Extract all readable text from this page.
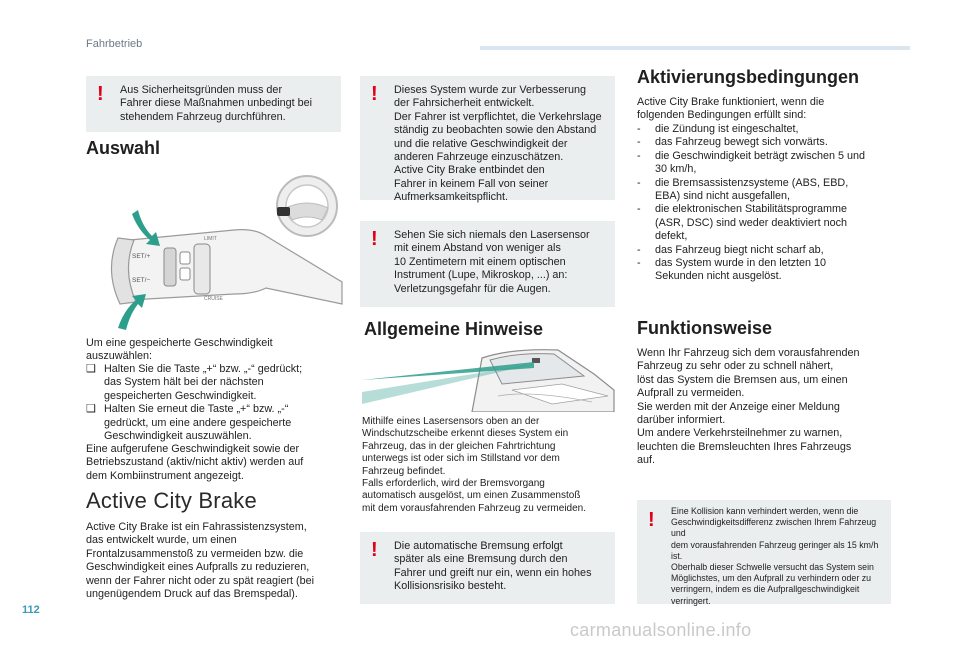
Fahrbetrieb
! Aus Sicherheitsgründen muss der
Fahrer diese Maßnahmen unbedingt bei
stehendem Fahrzeug durchführen.
Auswahl
SET/+
SET/−
LIMIT
CRUISE
Um eine gespeicherte Geschwindigkeit
auszuwählen:
❑ Halten Sie die Taste „+“ bzw. „-“ gedrückt;
das System hält bei der nächsten
gespeicherten Geschwindigkeit.
❑ Halten Sie erneut die Taste „+“ bzw. „-“
gedrückt, um eine andere gespeicherte
Geschwindigkeit auszuwählen.
Eine aufgerufene Geschwindigkeit sowie der
Betriebszustand (aktiv/nicht aktiv) werden auf
dem Kombiinstrument angezeigt.
Active City Brake
Active City Brake ist ein Fahrassistenzsystem,
das entwickelt wurde, um einen
Frontalzusammenstoß zu vermeiden bzw. die
Geschwindigkeit eines Aufpralls zu reduzieren,
wenn der Fahrer nicht oder zu spät reagiert (bei
ungenügendem Druck auf das Bremspedal).
! Dieses System wurde zur Verbesserung
der Fahrsicherheit entwickelt.
Der Fahrer ist verpflichtet, die Verkehrslage
ständig zu beobachten sowie den Abstand
und die relative Geschwindigkeit der
anderen Fahrzeuge einzuschätzen.
Active City Brake entbindet den
Fahrer in keinem Fall von seiner
Aufmerksamkeitspflicht.
! Sehen Sie sich niemals den Lasersensor
mit einem Abstand von weniger als
10 Zentimetern mit einem optischen
Instrument (Lupe, Mikroskop, ...) an:
Verletzungsgefahr für die Augen.
Allgemeine Hinweise
Mithilfe eines Lasersensors oben an der
Windschutzscheibe erkennt dieses System ein
Fahrzeug, das in der gleichen Fahrtrichtung
unterwegs ist oder sich im Stillstand vor dem
Fahrzeug befindet.
Falls erforderlich, wird der Bremsvorgang
automatisch ausgelöst, um einen Zusammenstoß
mit dem vorausfahrenden Fahrzeug zu vermeiden.
! Die automatische Bremsung erfolgt
später als eine Bremsung durch den
Fahrer und greift nur ein, wenn ein hohes
Kollisionsrisiko besteht.
Aktivierungsbedingungen
Active City Brake funktioniert, wenn die
folgenden Bedingungen erfüllt sind:
- die Zündung ist eingeschaltet,
- das Fahrzeug bewegt sich vorwärts.
- die Geschwindigkeit beträgt zwischen 5 und
30 km/h,
- die Bremsassistenzsysteme (ABS, EBD,
EBA) sind nicht ausgefallen,
- die elektronischen Stabilitätsprogramme
(ASR, DSC) sind weder deaktiviert noch
defekt,
- das Fahrzeug biegt nicht scharf ab,
- das System wurde in den letzten 10
Sekunden nicht ausgelöst.
Funktionsweise
Wenn Ihr Fahrzeug sich dem vorausfahrenden
Fahrzeug zu sehr oder zu schnell nähert,
löst das System die Bremsen aus, um einen
Aufprall zu vermeiden.
Sie werden mit der Anzeige einer Meldung
darüber informiert.
Um andere Verkehrsteilnehmer zu warnen,
leuchten die Bremsleuchten Ihres Fahrzeugs
auf.
! Eine Kollision kann verhindert werden, wenn die
Geschwindigkeitsdifferenz zwischen Ihrem Fahrzeug und
dem vorausfahrenden Fahrzeug geringer als 15 km/h ist.
Oberhalb dieser Schwelle versucht das System sein
Möglichstes, um den Aufprall zu verhindern oder zu
verringern, indem es die Aufprallgeschwindigkeit
verringert.
112
carmanualsonline.info
